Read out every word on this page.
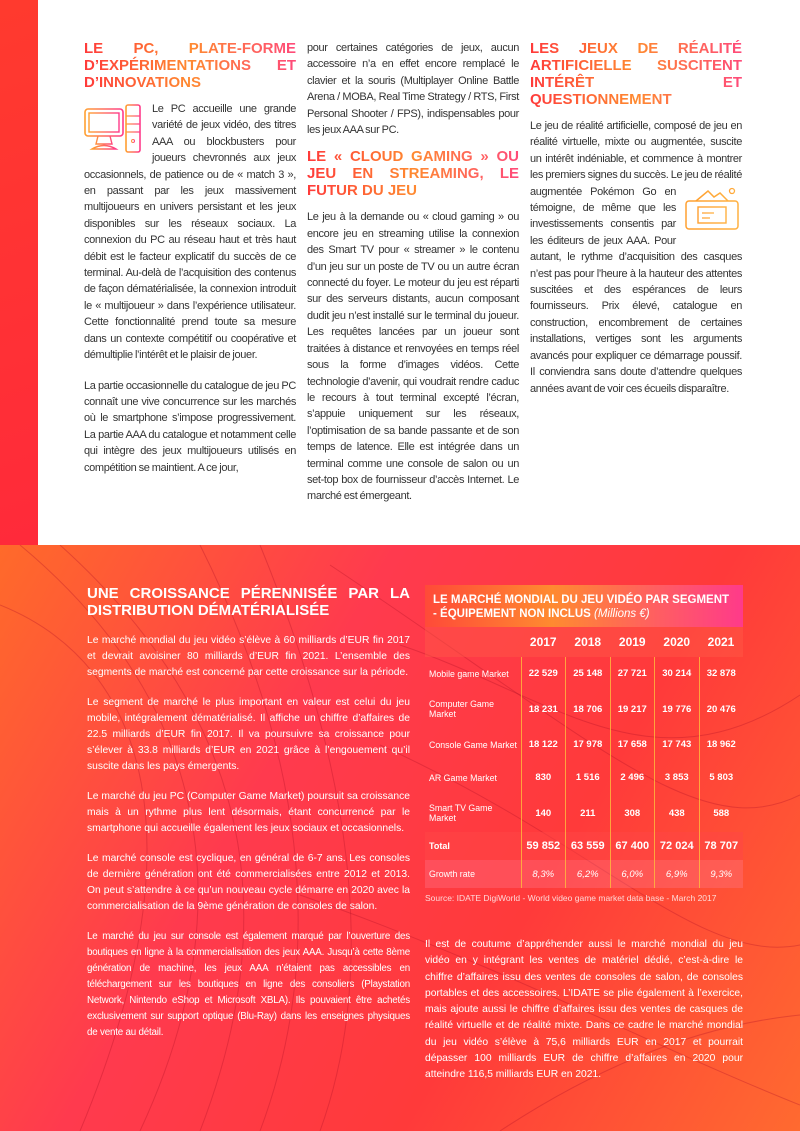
LE PC, PLATE-FORME D’EXPÉRIMENTATIONS ET D’INNOVATIONS

Le PC accueille une grande variété de jeux vidéo, des titres AAA ou blockbusters pour joueurs chevronnés aux jeux occasionnels, de patience ou de « match 3 », en passant par les jeux massivement multijoueurs en univers persistant et les jeux disponibles sur les réseaux sociaux. La connexion du PC au réseau haut et très haut débit est le facteur explicatif du succès de ce terminal. Au-delà de l’acquisition des contenus de façon dématérialisée, la connexion introduit le « multijoueur » dans l’expérience utilisateur. Cette fonctionnalité prend toute sa mesure dans un contexte compétitif ou coopérative et démultiplie l’intérêt et le plaisir de jouer.

La partie occasionnelle du catalogue de jeu PC connaît une vive concurrence sur les marchés où le smartphone s’impose progressivement. La partie AAA du catalogue et notamment celle qui intègre des jeux multijoueurs utilisés en compétition se maintient. A ce jour,

pour certaines catégories de jeux, aucun accessoire n’a en effet encore remplacé le clavier et la souris (Multiplayer Online Battle Arena / MOBA, Real Time Strategy / RTS, First Personal Shooter / FPS), indispensables pour les jeux AAA sur PC.

LE « CLOUD GAMING » OU JEU EN STREAMING, LE FUTUR DU JEU

Le jeu à la demande ou « cloud gaming » ou encore jeu en streaming utilise la connexion des Smart TV pour « streamer » le contenu d’un jeu sur un poste de TV ou un autre écran connecté du foyer. Le moteur du jeu est réparti sur des serveurs distants, aucun composant dudit jeu n’est installé sur le terminal du joueur. Les requêtes lancées par un joueur sont traitées à distance et renvoyées en temps réel sous la forme d’images vidéos. Cette technologie d’avenir, qui voudrait rendre caduc le recours à tout terminal excepté l’écran, s’appuie uniquement sur les réseaux, l’optimisation de sa bande passante et de son temps de latence. Elle est intégrée dans un terminal comme une console de salon ou un set-top box de fournisseur d’accès Internet. Le marché est émergeant.

LES JEUX DE RÉALITÉ ARTIFICIELLE SUSCITENT INTÉRÊT ET QUESTIONNEMENT

Le jeu de réalité artificielle, composé de jeu en réalité virtuelle, mixte ou augmentée, suscite un intérêt indéniable, et commence à montrer les premiers signes du succès. Le jeu de réalité
augmentée Pokémon Go en témoigne, de même que les investissements consentis par les éditeurs de jeux AAA. Pour autant, le rythme d’acquisition des casques n’est pas pour l’heure à la hauteur des attentes suscitées et des espérances de leurs fournisseurs. Prix élevé, catalogue en construction, encombrement de certaines installations, vertiges sont les arguments avancés pour expliquer ce démarrage poussif. Il conviendra sans doute d’attendre quelques années avant de voir ces écueils disparaître.

UNE CROISSANCE PÉRENNISÉE PAR LA DISTRIBUTION DÉMATÉRIALISÉE

Le marché mondial du jeu vidéo s’élève à 60 milliards d’EUR fin 2017 et devrait avoisiner 80 milliards d’EUR fin 2021. L’ensemble des segments de marché est concerné par cette croissance sur la période.

Le segment de marché le plus important en valeur est celui du jeu mobile, intégralement dématérialisé. Il affiche un chiffre d’affaires de 22.5 milliards d’EUR fin 2017. Il va poursuivre sa croissance pour s’élever à 33.8 milliards d’EUR en 2021 grâce à l’engouement qu’il suscite dans les pays émergents.

Le marché du jeu PC (Computer Game Market) poursuit sa croissance mais à un rythme plus lent désormais, étant concurrencé par le smartphone qui accueille également les jeux sociaux et occasionnels.

Le marché console est cyclique, en général de 6-7 ans. Les consoles de dernière génération ont été commercialisées entre 2012 et 2013. On peut s’attendre à ce qu’un nouveau cycle démarre en 2020 avec la commercialisation de la 9ème génération de consoles de salon.

Le marché du jeu sur console est également marqué par l’ouverture des boutiques en ligne à la commercialisation des jeux AAA. Jusqu’à cette 8ème génération de machine, les jeux AAA n’étaient pas accessibles en téléchargement sur les boutiques en ligne des consoliers (Playstation Network, Nintendo eShop et Microsoft XBLA). Ils pouvaient être achetés exclusivement sur support optique (Blu-Ray) dans les enseignes physiques de vente au détail.

LE MARCHÉ MONDIAL DU JEU VIDÉO PAR SEGMENT - ÉQUIPEMENT NON INCLUS (Millions €)
	2017	2018	2019	2020	2021
Mobile game Market	22 529	25 148	27 721	30 214	32 878
Computer Game Market	18 231	18 706	19 217	19 776	20 476
Console Game Market	18 122	17 978	17 658	17 743	18 962
AR Game Market	830	1 516	2 496	3 853	5 803
Smart TV Game Market	140	211	308	438	588
Total	59 852	63 559	67 400	72 024	78 707
Growth rate	8,3%	6,2%	6,0%	6,9%	9,3%
Source: IDATE DigiWorld - World video game market data base - March 2017
Il est de coutume d’appréhender aussi le marché mondial du jeu vidéo en y intégrant les ventes de matériel dédié, c’est-à-dire le chiffre d’affaires issu des ventes de consoles de salon, de consoles portables et des accessoires. L’IDATE se plie également à l’exercice, mais ajoute aussi le chiffre d’affaires issu des ventes de casques de réalité virtuelle et de réalité mixte. Dans ce cadre le marché mondial du jeu vidéo s’élève à 75,6 milliards EUR en 2017 et pourrait dépasser 100 milliards EUR de chiffre d’affaires en 2020 pour atteindre 116,5 milliards EUR en 2021.
